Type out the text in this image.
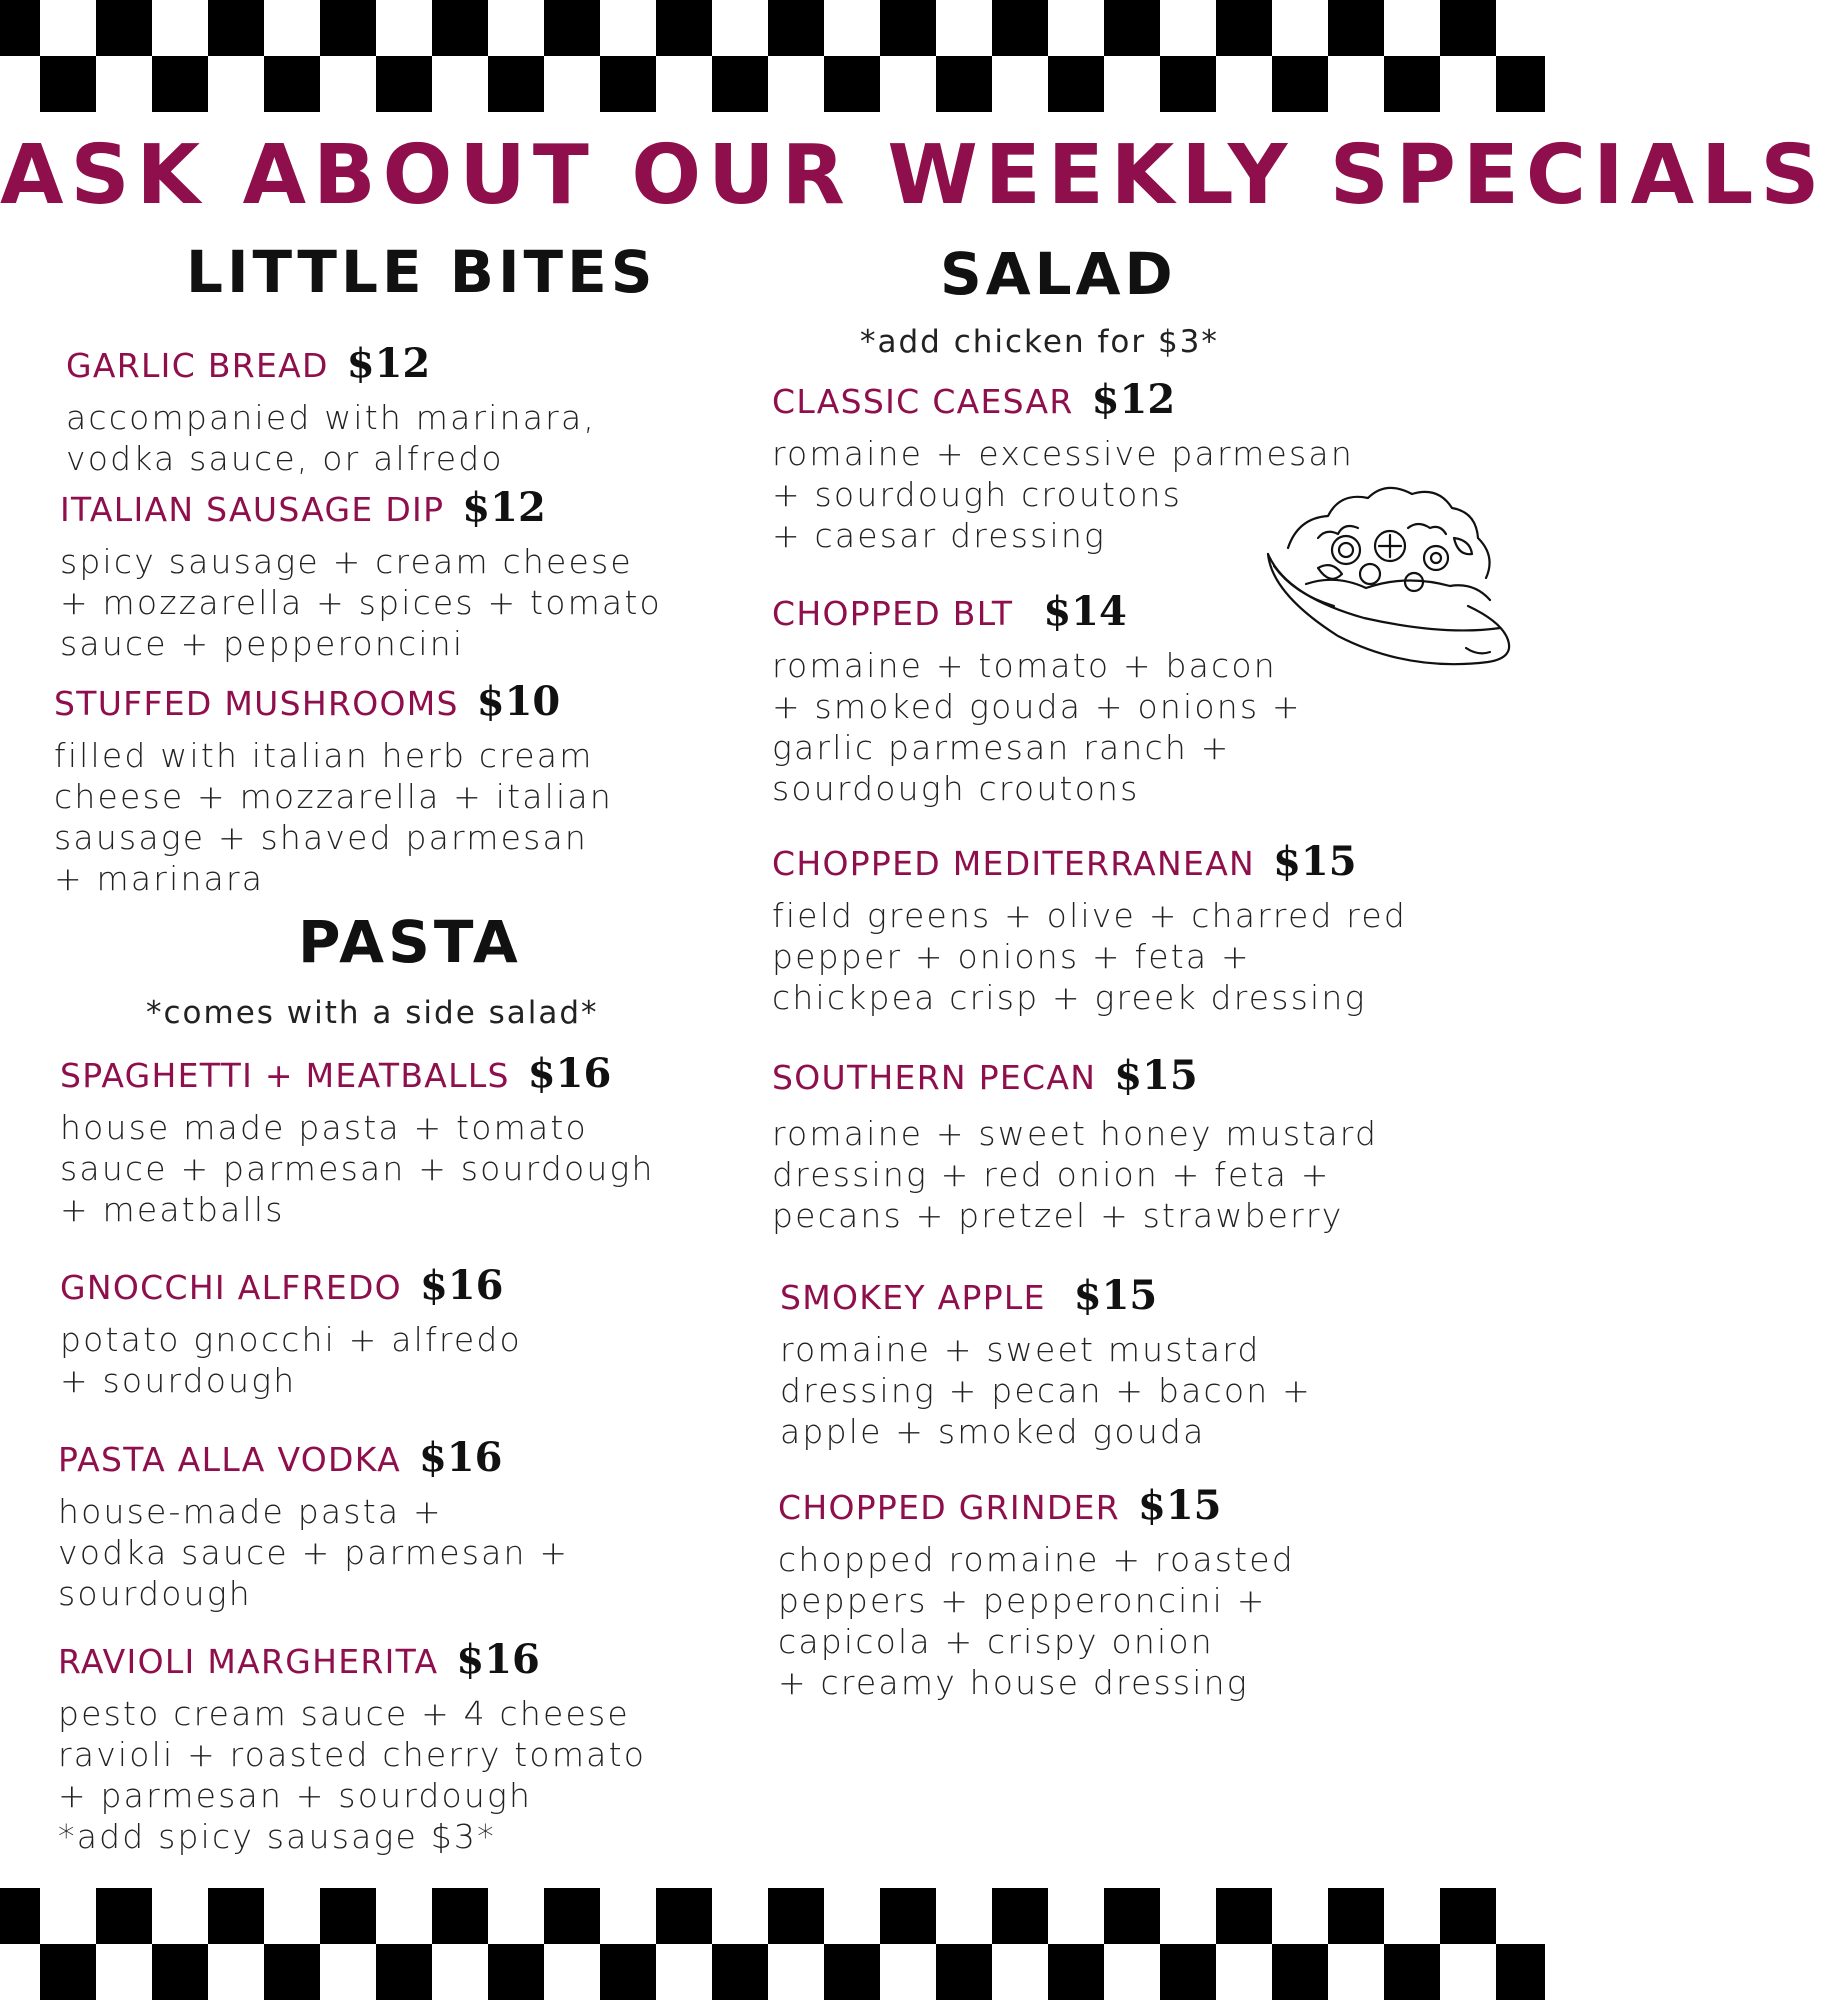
ASK ABOUT OUR WEEKLY SPECIALS
LITTLE BITES
GARLIC BREAD $12
accompanied with marinara,
vodka sauce, or alfredo
ITALIAN SAUSAGE DIP $12
spicy sausage + cream cheese
+ mozzarella + spices + tomato
sauce + pepperoncini
STUFFED MUSHROOMS $10
filled with italian herb cream
cheese + mozzarella + italian
sausage + shaved parmesan
+ marinara
PASTA
*comes with a side salad*
SPAGHETTI + MEATBALLS $16
house made pasta + tomato
sauce + parmesan + sourdough
+ meatballs
GNOCCHI ALFREDO $16
potato gnocchi + alfredo
+ sourdough
PASTA ALLA VODKA $16
house-made pasta +
vodka sauce + parmesan +
sourdough
RAVIOLI MARGHERITA $16
pesto cream sauce + 4 cheese
ravioli + roasted cherry tomato
+ parmesan + sourdough
*add spicy sausage $3*
SALAD
*add chicken for $3*
CLASSIC CAESAR $12
romaine + excessive parmesan
+ sourdough croutons
+ caesar dressing
CHOPPED BLT $14
romaine + tomato + bacon
+ smoked gouda + onions +
garlic parmesan ranch +
sourdough croutons
CHOPPED MEDITERRANEAN $15
field greens + olive + charred red
pepper + onions + feta +
chickpea crisp + greek dressing
SOUTHERN PECAN $15
romaine + sweet honey mustard
dressing + red onion + feta +
pecans + pretzel + strawberry
SMOKEY APPLE $15
romaine + sweet mustard
dressing + pecan + bacon +
apple + smoked gouda
CHOPPED GRINDER $15
chopped romaine + roasted
peppers + pepperoncini +
capicola + crispy onion
+ creamy house dressing
